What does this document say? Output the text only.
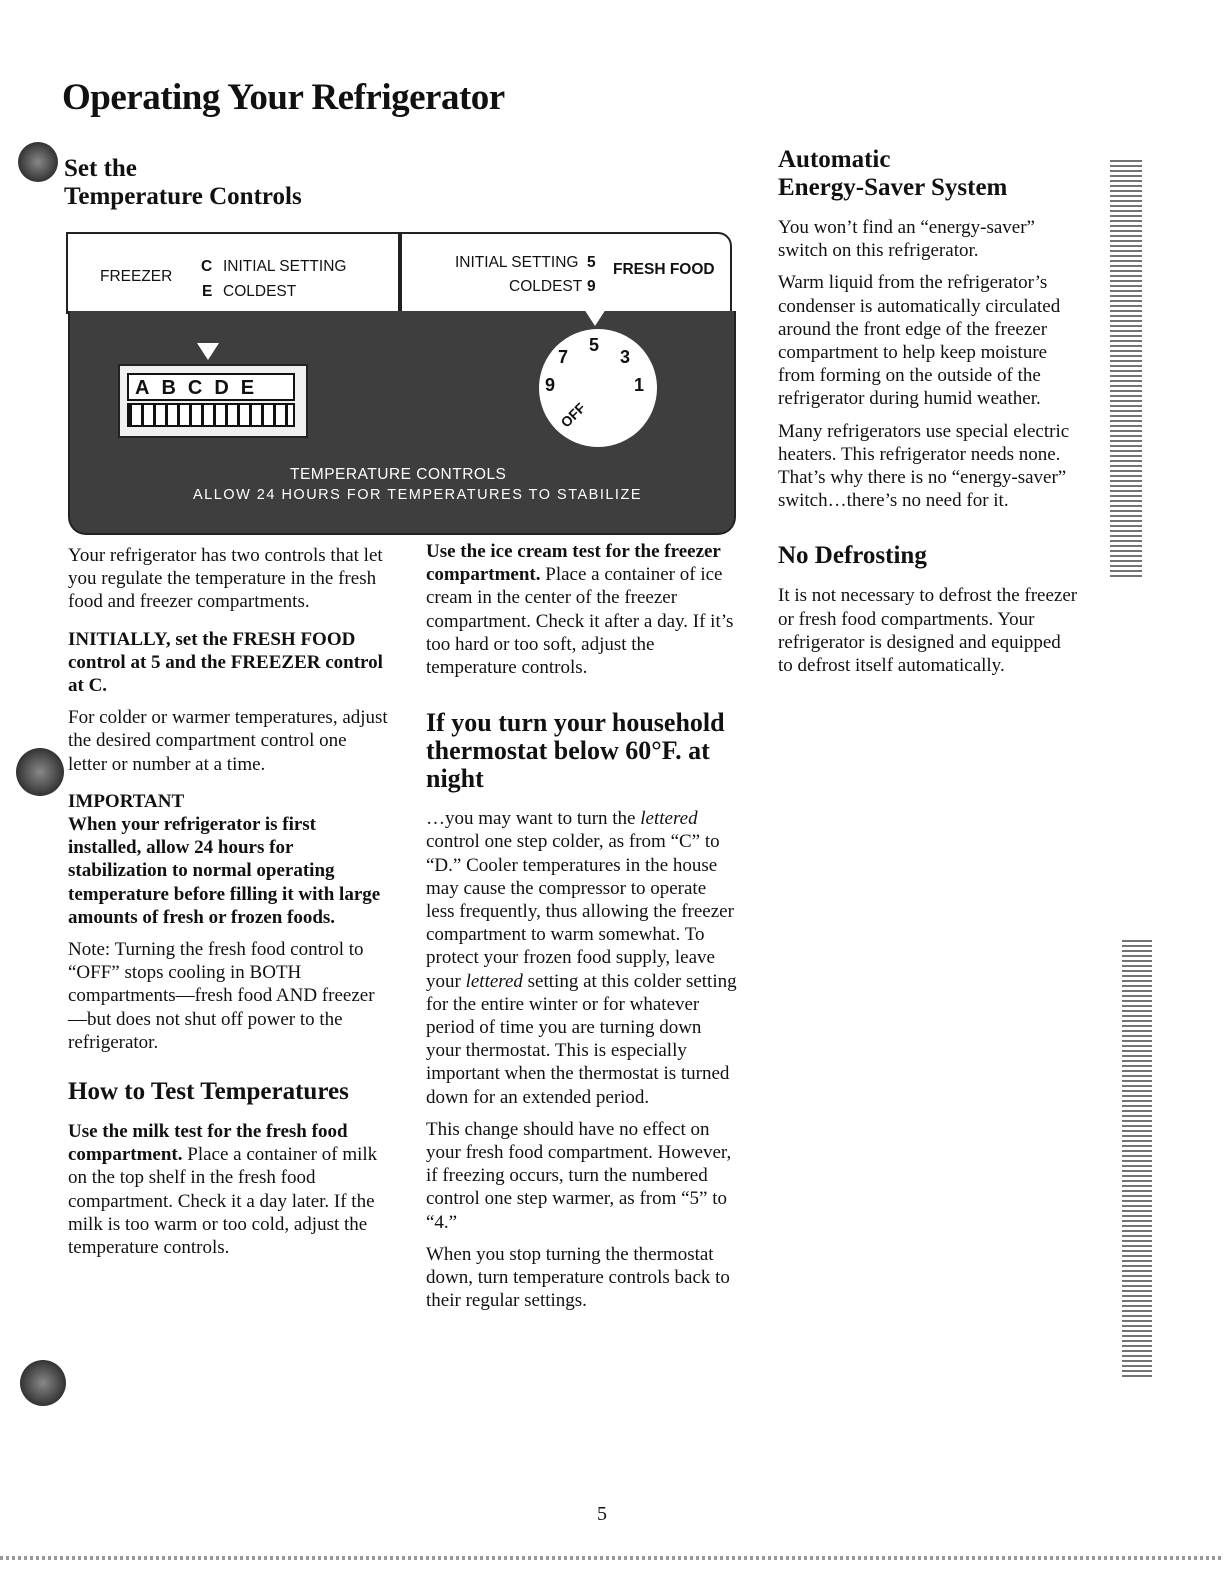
Operating Your Refrigerator
Set the
Temperature Controls
FREEZER
C INITIAL SETTING
E COLDEST
INITIAL SETTING 5
COLDEST 9
FRESH FOOD
ABCDE
5
3
1
7
9
OFF
TEMPERATURE CONTROLS
ALLOW 24 HOURS FOR TEMPERATURES TO STABILIZE

Your refrigerator has two controls that let you regulate the temperature in the fresh food and freezer compartments.

INITIALLY, set the FRESH FOOD control at 5 and the FREEZER control at C.

For colder or warmer temperatures, adjust the desired compartment control one letter or number at a time.

IMPORTANT

When your refrigerator is first installed, allow 24 hours for stabilization to normal operating temperature before filling it with large amounts of fresh or frozen foods.

Note: Turning the fresh food control to “OFF” stops cooling in BOTH compartments—fresh food AND freezer—but does not shut off power to the refrigerator.

How to Test Temperatures

Use the milk test for the fresh food compartment. Place a container of milk on the top shelf in the fresh food compartment. Check it a day later. If the milk is too warm or too cold, adjust the temperature controls.

Use the ice cream test for the freezer compartment. Place a container of ice cream in the center of the freezer compartment. Check it after a day. If it’s too hard or too soft, adjust the temperature controls.

If you turn your household thermostat below 60°F. at night

…you may want to turn the lettered control one step colder, as from “C” to “D.” Cooler temperatures in the house may cause the compressor to operate less frequently, thus allowing the freezer compartment to warm somewhat. To protect your frozen food supply, leave your lettered setting at this colder setting for the entire winter or for whatever period of time you are turning down your thermostat. This is especially important when the thermostat is turned down for an extended period.

This change should have no effect on your fresh food compartment. However, if freezing occurs, turn the numbered control one step warmer, as from “5” to “4.”

When you stop turning the thermostat down, turn temperature controls back to their regular settings.

Automatic
Energy-Saver System

You won’t find an “energy-saver” switch on this refrigerator.

Warm liquid from the refrigerator’s condenser is automatically circulated around the front edge of the freezer compartment to help keep moisture from forming on the outside of the refrigerator during humid weather.

Many refrigerators use special electric heaters. This refrigerator needs none. That’s why there is no “energy-saver” switch…there’s no need for it.

No Defrosting

It is not necessary to defrost the freezer or fresh food compartments. Your refrigerator is designed and equipped to defrost itself automatically.

5
